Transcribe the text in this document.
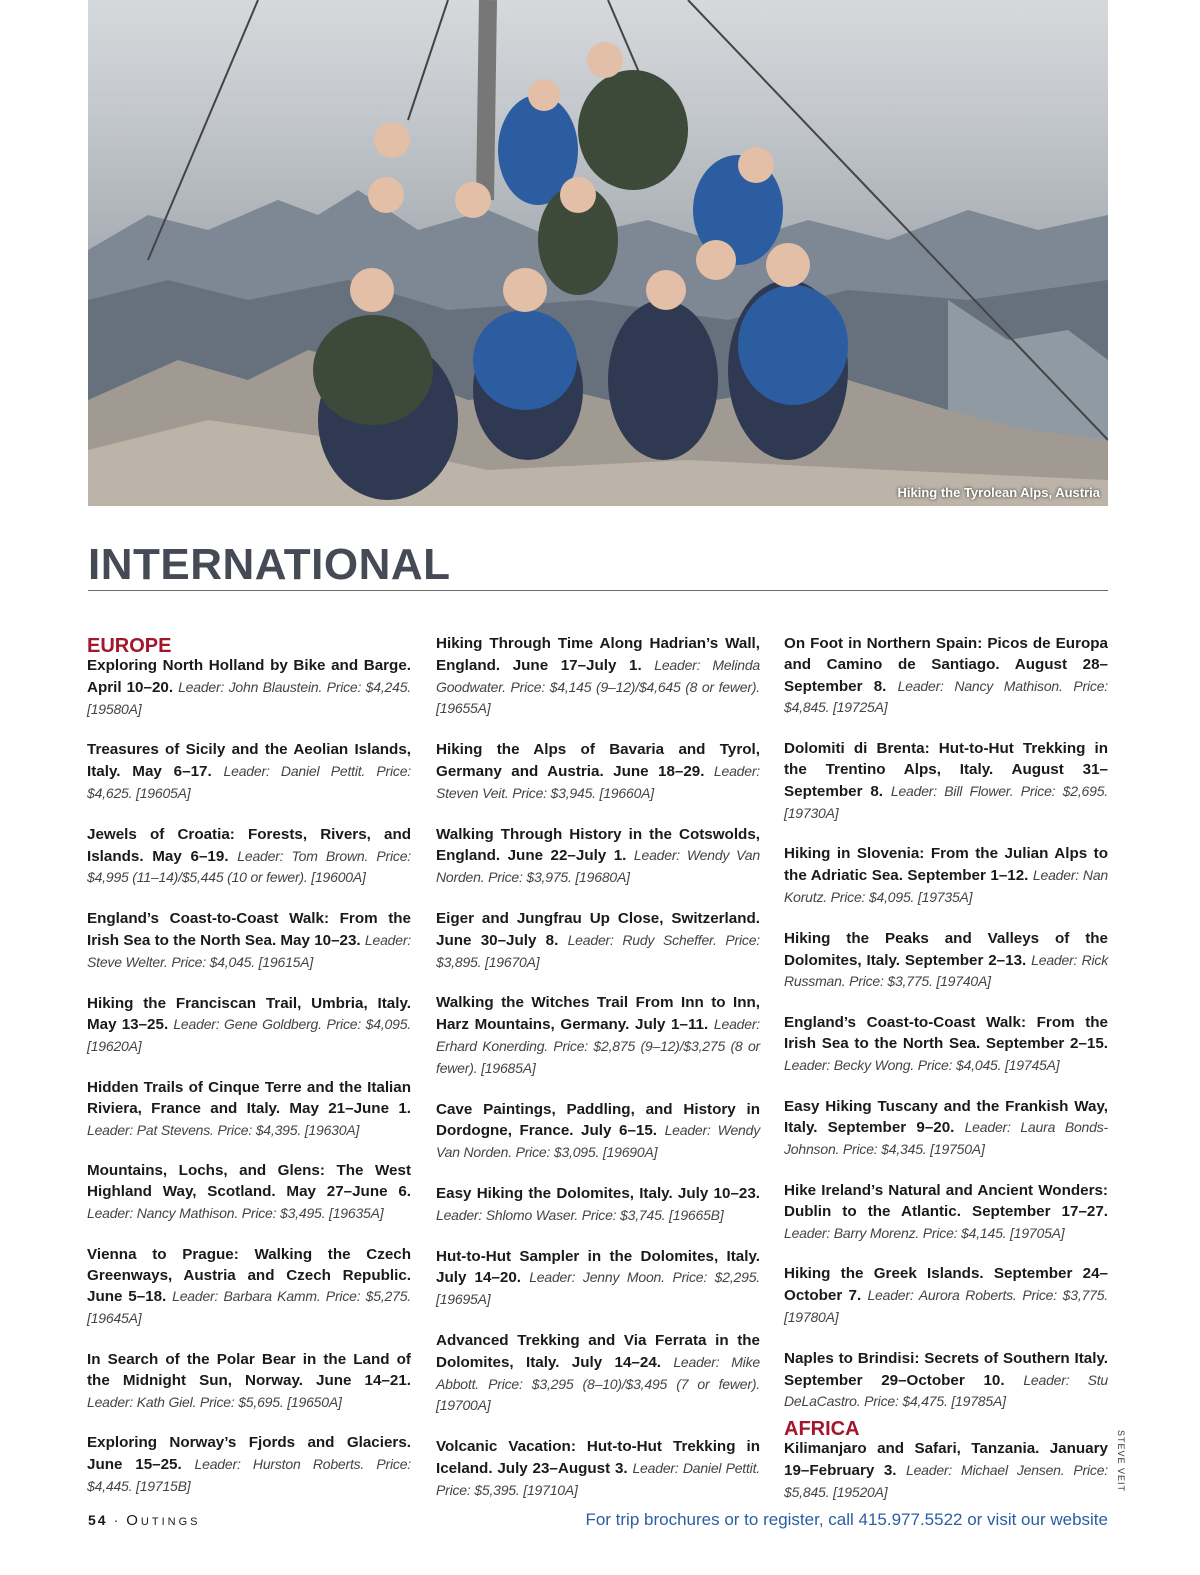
Hiking the Tyrolean Alps, Austria
INTERNATIONAL
EUROPE
Exploring North Holland by Bike and Barge. April 10–20. Leader: John Blaustein. Price: $4,245. [19580A]
Treasures of Sicily and the Aeolian Islands, Italy. May 6–17. Leader: Daniel Pettit. Price: $4,625. [19605A]
Jewels of Croatia: Forests, Rivers, and Islands. May 6–19. Leader: Tom Brown. Price: $4,995 (11–14)/$5,445 (10 or fewer). [19600A]
England’s Coast-to-Coast Walk: From the Irish Sea to the North Sea. May 10–23. Leader: Steve Welter. Price: $4,045. [19615A]
Hiking the Franciscan Trail, Umbria, Italy. May 13–25. Leader: Gene Goldberg. Price: $4,095. [19620A]
Hidden Trails of Cinque Terre and the Italian Riviera, France and Italy. May 21–June 1. Leader: Pat Stevens. Price: $4,395. [19630A]
Mountains, Lochs, and Glens: The West Highland Way, Scotland. May 27–June 6. Leader: Nancy Mathison. Price: $3,495. [19635A]
Vienna to Prague: Walking the Czech Greenways, Austria and Czech Republic. June 5–18. Leader: Barbara Kamm. Price: $5,275. [19645A]
In Search of the Polar Bear in the Land of the Midnight Sun, Norway. June 14–21. Leader: Kath Giel. Price: $5,695. [19650A]
Exploring Norway’s Fjords and Glaciers. June 15–25. Leader: Hurston Roberts. Price: $4,445. [19715B]
Hiking Through Time Along Hadrian’s Wall, England. June 17–July 1. Leader: Melinda Goodwater. Price: $4,145 (9–12)/$4,645 (8 or fewer). [19655A]
Hiking the Alps of Bavaria and Tyrol, Germany and Austria. June 18–29. Leader: Steven Veit. Price: $3,945. [19660A]
Walking Through History in the Cotswolds, England. June 22–July 1. Leader: Wendy Van Norden. Price: $3,975. [19680A]
Eiger and Jungfrau Up Close, Switzerland. June 30–July 8. Leader: Rudy Scheffer. Price: $3,895. [19670A]
Walking the Witches Trail From Inn to Inn, Harz Mountains, Germany. July 1–11. Leader: Erhard Konerding. Price: $2,875 (9–12)/$3,275 (8 or fewer). [19685A]
Cave Paintings, Paddling, and History in Dordogne, France. July 6–15. Leader: Wendy Van Norden. Price: $3,095. [19690A]
Easy Hiking the Dolomites, Italy. July 10–23. Leader: Shlomo Waser. Price: $3,745. [19665B]
Hut-to-Hut Sampler in the Dolomites, Italy. July 14–20. Leader: Jenny Moon. Price: $2,295. [19695A]
Advanced Trekking and Via Ferrata in the Dolomites, Italy. July 14–24. Leader: Mike Abbott. Price: $3,295 (8–10)/$3,495 (7 or fewer). [19700A]
Volcanic Vacation: Hut-to-Hut Trekking in Iceland. July 23–August 3. Leader: Daniel Pettit. Price: $5,395. [19710A]
On Foot in Northern Spain: Picos de Europa and Camino de Santiago. August 28–September 8. Leader: Nancy Mathison. Price: $4,845. [19725A]
Dolomiti di Brenta: Hut-to-Hut Trekking in the Trentino Alps, Italy. August 31–September 8. Leader: Bill Flower. Price: $2,695. [19730A]
Hiking in Slovenia: From the Julian Alps to the Adriatic Sea. September 1–12. Leader: Nan Korutz. Price: $4,095. [19735A]
Hiking the Peaks and Valleys of the Dolomites, Italy. September 2–13. Leader: Rick Russman. Price: $3,775. [19740A]
England’s Coast-to-Coast Walk: From the Irish Sea to the North Sea. September 2–15. Leader: Becky Wong. Price: $4,045. [19745A]
Easy Hiking Tuscany and the Frankish Way, Italy. September 9–20. Leader: Laura Bonds-Johnson. Price: $4,345. [19750A]
Hike Ireland’s Natural and Ancient Wonders: Dublin to the Atlantic. September 17–27. Leader: Barry Morenz. Price: $4,145. [19705A]
Hiking the Greek Islands. September 24–October 7. Leader: Aurora Roberts. Price: $3,775. [19780A]
Naples to Brindisi: Secrets of Southern Italy. September 29–October 10. Leader: Stu DeLaCastro. Price: $4,475. [19785A]
AFRICA
Kilimanjaro and Safari, Tanzania. January 19–February 3. Leader: Michael Jensen. Price: $5,845. [19520A]	STEVE VEIT
54 · Outings	For trip brochures or to register, call 415.977.5522 or visit our website
